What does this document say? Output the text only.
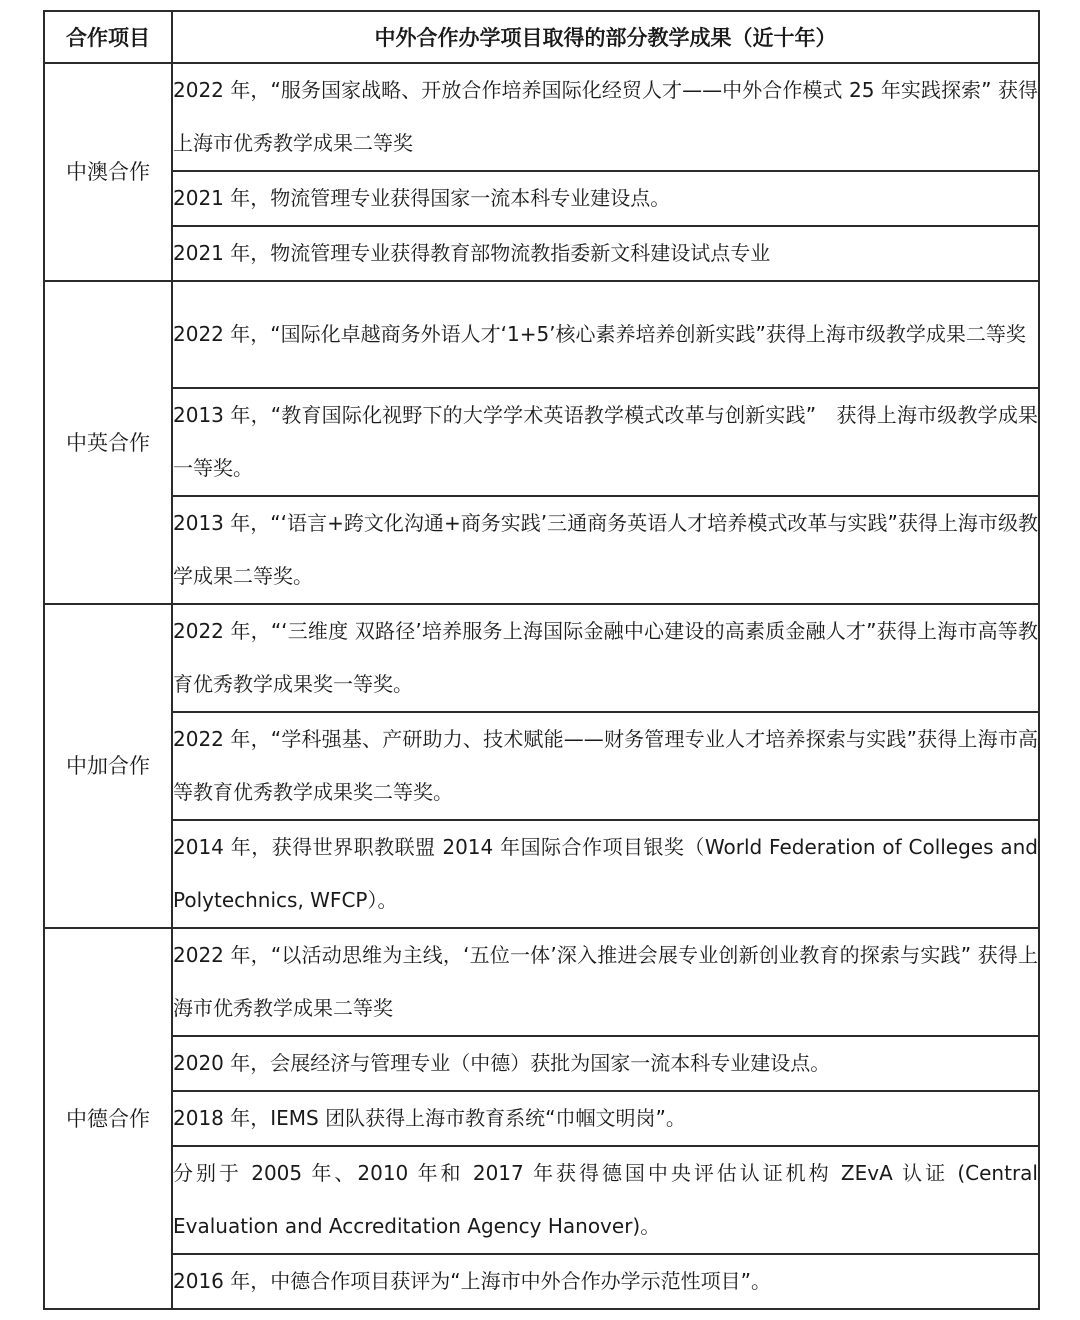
合作项目	中外合作办学项目取得的部分教学成果（近十年）
中澳合作	2022 年，“服务国家战略、开放合作培养国际化经贸人才——中外合作模式 25 年实践探索” 获得上海市优秀教学成果二等奖
	2021 年，物流管理专业获得国家一流本科专业建设点。
	2021 年，物流管理专业获得教育部物流教指委新文科建设试点专业
中英合作	2022 年，“国际化卓越商务外语人才‘1+5’核心素养培养创新实践”获得上海市级教学成果二等奖
	2013 年，“教育国际化视野下的大学学术英语教学模式改革与创新实践”　获得上海市级教学成果一等奖。
	2013 年，“‘语言+跨文化沟通+商务实践’三通商务英语人才培养模式改革与实践”获得上海市级教学成果二等奖。
中加合作	2022 年，“‘三维度 双路径’培养服务上海国际金融中心建设的高素质金融人才”获得上海市高等教育优秀教学成果奖一等奖。
	2022 年，“学科强基、产研助力、技术赋能——财务管理专业人才培养探索与实践”获得上海市高等教育优秀教学成果奖二等奖。
	2014 年，获得世界职教联盟 2014 年国际合作项目银奖（World Federation of Colleges and Polytechnics, WFCP）。
中德合作	2022 年，“以活动思维为主线，‘五位一体’深入推进会展专业创新创业教育的探索与实践” 获得上海市优秀教学成果二等奖
	2020 年，会展经济与管理专业（中德）获批为国家一流本科专业建设点。
	2018 年，IEMS 团队获得上海市教育系统“巾帼文明岗”。
	分别于 2005 年、2010 年和 2017 年获得德国中央评估认证机构 ZEvA 认证 (Central Evaluation and Accreditation Agency Hanover)。
	2016 年，中德合作项目获评为“上海市中外合作办学示范性项目”。
